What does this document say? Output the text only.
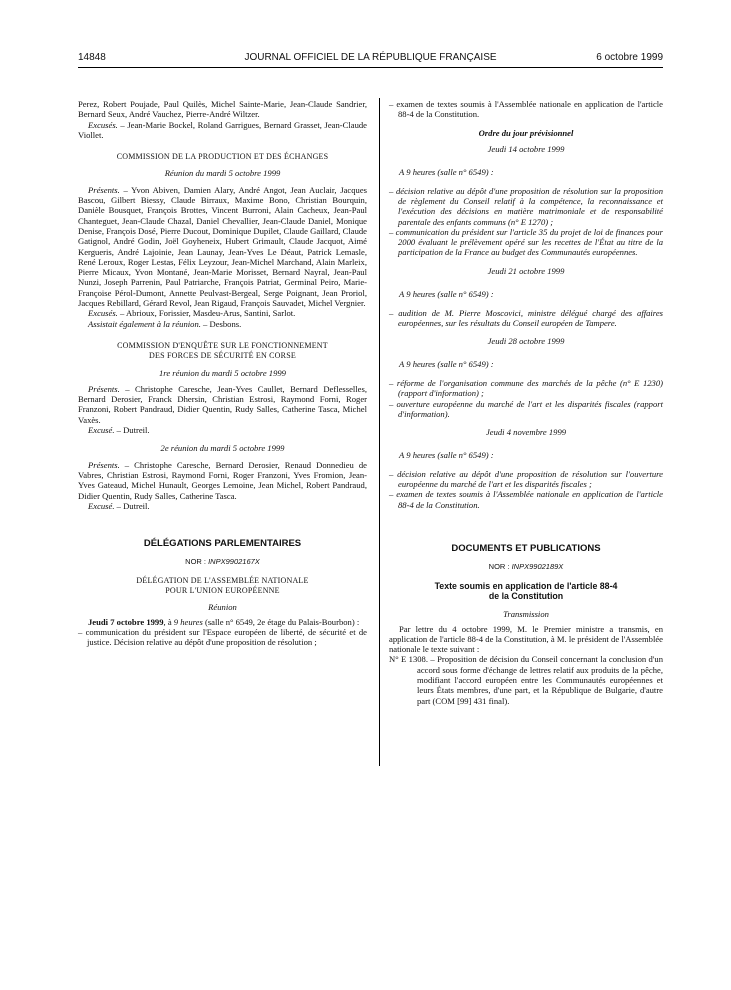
14848	JOURNAL OFFICIEL DE LA RÉPUBLIQUE FRANÇAISE	6 octobre 1999

Perez, Robert Poujade, Paul Quilès, Michel Sainte-Marie, Jean-Claude Sandrier, Bernard Seux, André Vauchez, Pierre-André Wiltzer.

Excusés. – Jean-Marie Bockel, Roland Garrigues, Bernard Grasset, Jean-Claude Viollet.

COMMISSION DE LA PRODUCTION ET DES ÉCHANGES

Réunion du mardi 5 octobre 1999

Présents. – Yvon Abiven, Damien Alary, André Angot, Jean Auclair, Jacques Bascou, Gilbert Biessy, Claude Birraux, Maxime Bono, Christian Bourquin, Danièle Bousquet, François Brottes, Vincent Burroni, Alain Cacheux, Jean-Paul Chanteguet, Jean-Claude Chazal, Daniel Chevallier, Jean-Claude Daniel, Monique Denise, François Dosé, Pierre Ducout, Dominique Dupilet, Claude Gaillard, Claude Gatignol, André Godin, Joël Goyheneix, Hubert Grimault, Claude Jacquot, Aimé Kergueris, André Lajoinie, Jean Launay, Jean-Yves Le Déaut, Patrick Lemasle, René Leroux, Roger Lestas, Félix Leyzour, Jean-Michel Marchand, Alain Marleix, Pierre Micaux, Yvon Montané, Jean-Marie Morisset, Bernard Nayral, Jean-Paul Nunzi, Joseph Parrenin, Paul Patriarche, François Patriat, Germinal Peiro, Marie-Françoise Pérol-Dumont, Annette Peulvast-Bergeal, Serge Poignant, Jean Proriol, Jacques Rebillard, Gérard Revol, Jean Rigaud, François Sauvadet, Michel Vergnier.

Excusés. – Abrioux, Forissier, Masdeu-Arus, Santini, Sarlot.

Assistait également à la réunion. – Desbons.

COMMISSION D'ENQUÊTE SUR LE FONCTIONNEMENT

DES FORCES DE SÉCURITÉ EN CORSE

1re réunion du mardi 5 octobre 1999

Présents. – Christophe Caresche, Jean-Yves Caullet, Bernard Deflesselles, Bernard Derosier, Franck Dhersin, Christian Estrosi, Raymond Forni, Roger Franzoni, Robert Pandraud, Didier Quentin, Rudy Salles, Catherine Tasca, Michel Vaxès.

Excusé. – Dutreil.

2e réunion du mardi 5 octobre 1999

Présents. – Christophe Caresche, Bernard Derosier, Renaud Donnedieu de Vabres, Christian Estrosi, Raymond Forni, Roger Franzoni, Yves Fromion, Jean-Yves Gateaud, Michel Hunault, Georges Lemoine, Jean Michel, Robert Pandraud, Didier Quentin, Rudy Salles, Catherine Tasca.

Excusé. – Dutreil.

DÉLÉGATIONS PARLEMENTAIRES

NOR : INPX9902167X

DÉLÉGATION DE L'ASSEMBLÉE NATIONALE

POUR L'UNION EUROPÉENNE

Réunion

Jeudi 7 octobre 1999, à 9 heures (salle n° 6549, 2e étage du Palais-Bourbon) :

– communication du président sur l'Espace européen de liberté, de sécurité et de justice. Décision relative au dépôt d'une proposition de résolution ;

– examen de textes soumis à l'Assemblée nationale en application de l'article 88-4 de la Constitution.

Ordre du jour prévisionnel

Jeudi 14 octobre 1999

A 9 heures (salle n° 6549) :

– décision relative au dépôt d'une proposition de résolution sur la proposition de règlement du Conseil relatif à la compétence, la reconnaissance et l'exécution des décisions en matière matrimoniale et de responsabilité parentale des enfants communs (n° E 1270) ;

– communication du président sur l'article 35 du projet de loi de finances pour 2000 évaluant le prélèvement opéré sur les recettes de l'État au titre de la participation de la France au budget des Communautés européennes.

Jeudi 21 octobre 1999

A 9 heures (salle n° 6549) :

– audition de M. Pierre Moscovici, ministre délégué chargé des affaires européennes, sur les résultats du Conseil européen de Tampere.

Jeudi 28 octobre 1999

A 9 heures (salle n° 6549) :

– réforme de l'organisation commune des marchés de la pêche (n° E 1230) (rapport d'information) ;

– ouverture européenne du marché de l'art et les disparités fiscales (rapport d'information).

Jeudi 4 novembre 1999

A 9 heures (salle n° 6549) :

– décision relative au dépôt d'une proposition de résolution sur l'ouverture européenne du marché de l'art et les disparités fiscales ;

– examen de textes soumis à l'Assemblée nationale en application de l'article 88-4 de la Constitution.

DOCUMENTS ET PUBLICATIONS

NOR : INPX9902189X

Texte soumis en application de l'article 88-4

de la Constitution

Transmission

Par lettre du 4 octobre 1999, M. le Premier ministre a transmis, en application de l'article 88-4 de la Constitution, à M. le président de l'Assemblée nationale le texte suivant :

N° E 1308. – Proposition de décision du Conseil concernant la conclusion d'un accord sous forme d'échange de lettres relatif aux produits de la pêche, modifiant l'accord européen entre les Communautés européennes et leurs États membres, d'une part, et la République de Bulgarie, d'autre part (COM [99] 431 final).
